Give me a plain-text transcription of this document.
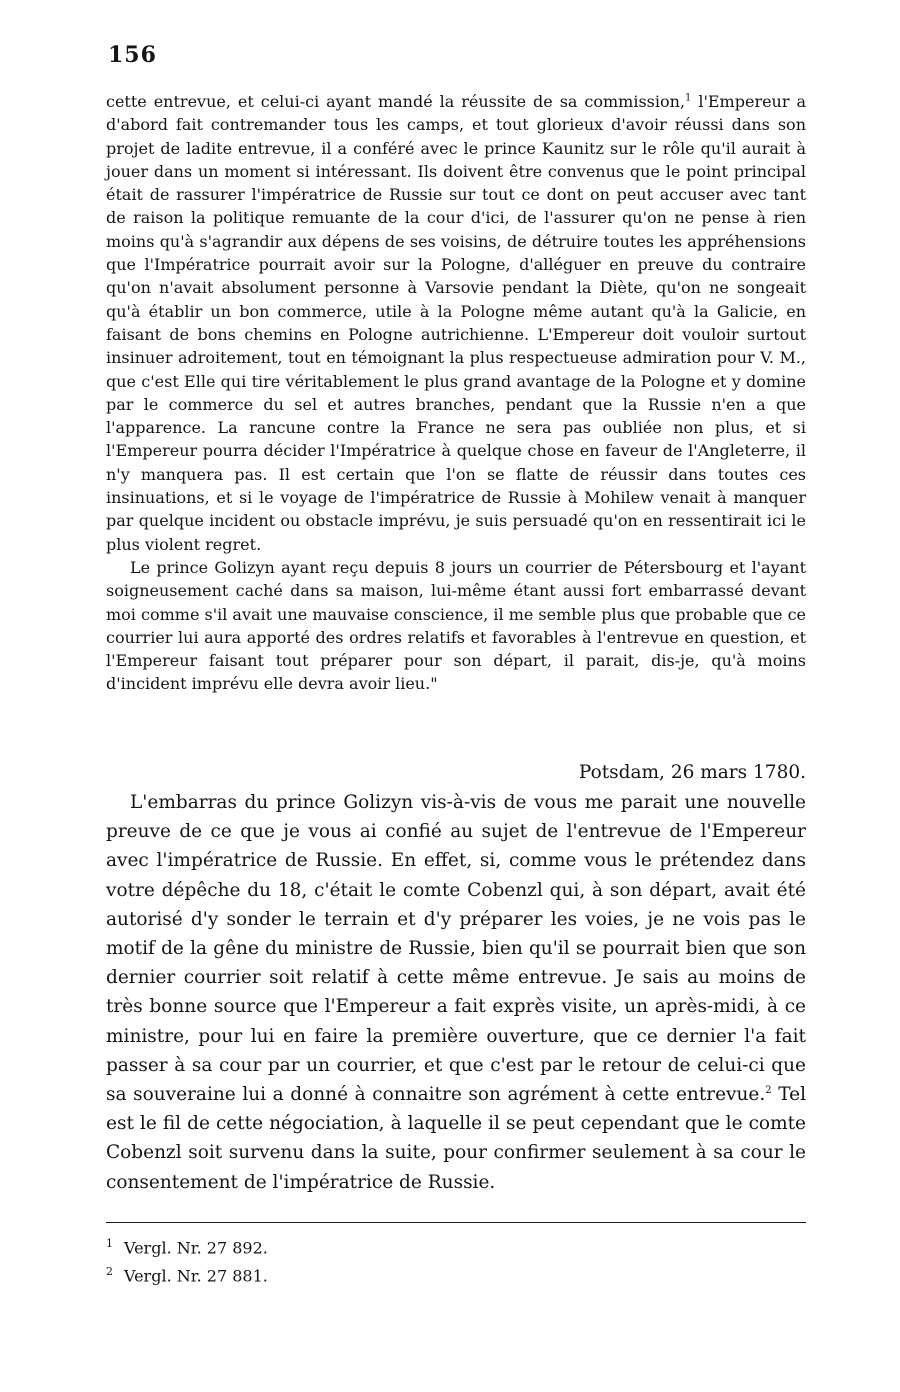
156

cette entrevue, et celui-ci ayant mandé la réussite de sa commission,$^1$ l'Empereur a d'abord fait contremander tous les camps, et tout glorieux d'avoir réussi dans son projet de ladite entrevue, il a conféré avec le prince Kaunitz sur le rôle qu'il aurait à jouer dans un moment si intéressant. Ils doivent être convenus que le point principal était de rassurer l'impératrice de Russie sur tout ce dont on peut accuser avec tant de raison la politique remuante de la cour d'ici, de l'assurer qu'on ne pense à rien moins qu'à s'agrandir aux dépens de ses voisins, de détruire toutes les appréhensions que l'Impératrice pourrait avoir sur la Pologne, d'alléguer en preuve du contraire qu'on n'avait absolument personne à Varsovie pendant la Diète, qu'on ne songeait qu'à établir un bon commerce, utile à la Pologne même autant qu'à la Galicie, en faisant de bons chemins en Pologne autrichienne. L'Empereur doit vouloir surtout insinuer adroitement, tout en témoignant la plus respectueuse admiration pour V. M., que c'est Elle qui tire véritablement le plus grand avantage de la Pologne et y domine par le commerce du sel et autres branches, pendant que la Russie n'en a que l'apparence. La rancune contre la France ne sera pas oubliée non plus, et si l'Empereur pourra décider l'Impératrice à quelque chose en faveur de l'Angleterre, il n'y manquera pas. Il est certain que l'on se flatte de réussir dans toutes ces insinuations, et si le voyage de l'impératrice de Russie à Mohilew venait à manquer par quelque incident ou obstacle imprévu, je suis persuadé qu'on en ressentirait ici le plus violent regret.

Le prince Golizyn ayant reçu depuis 8 jours un courrier de Pétersbourg et l'ayant soigneusement caché dans sa maison, lui-même étant aussi fort embarrassé devant moi comme s'il avait une mauvaise conscience, il me semble plus que probable que ce courrier lui aura apporté des ordres relatifs et favorables à l'entrevue en question, et l'Empereur faisant tout préparer pour son départ, il parait, dis-je, qu'à moins d'incident imprévu elle devra avoir lieu."

Potsdam, 26 mars 1780.

L'embarras du prince Golizyn vis-à-vis de vous me parait une nouvelle preuve de ce que je vous ai confié au sujet de l'entrevue de l'Empereur avec l'impératrice de Russie. En effet, si, comme vous le prétendez dans votre dépêche du 18, c'était le comte Cobenzl qui, à son départ, avait été autorisé d'y sonder le terrain et d'y préparer les voies, je ne vois pas le motif de la gêne du ministre de Russie, bien qu'il se pourrait bien que son dernier courrier soit relatif à cette même entrevue. Je sais au moins de très bonne source que l'Empereur a fait exprès visite, un après-midi, à ce ministre, pour lui en faire la première ouverture, que ce dernier l'a fait passer à sa cour par un courrier, et que c'est par le retour de celui-ci que sa souveraine lui a donné à connaitre son agrément à cette entrevue.$^2$ Tel est le fil de cette négociation, à laquelle il se peut cependant que le comte Cobenzl soit survenu dans la suite, pour confirmer seulement à sa cour le consentement de l'impératrice de Russie.

1 Vergl. Nr. 27 892.
2 Vergl. Nr. 27 881.
